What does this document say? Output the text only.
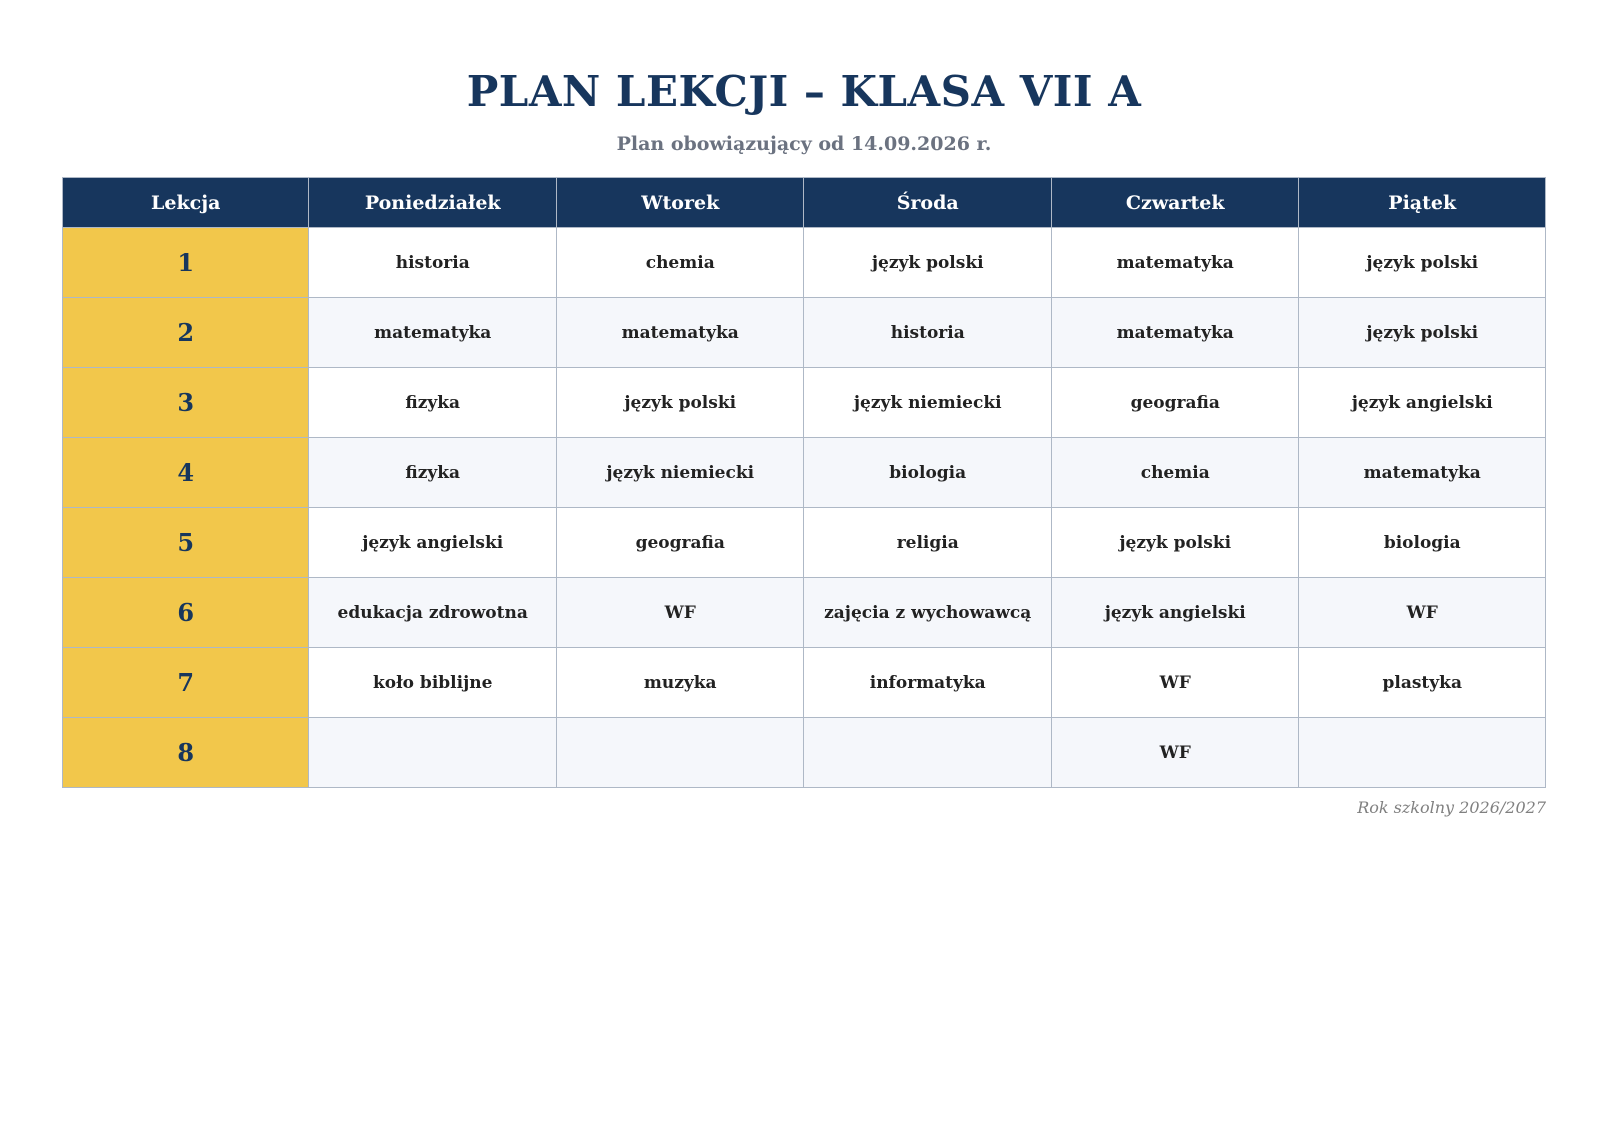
PLAN LEKCJI – KLASA VII A
Plan obowiązujący od 14.09.2026 r.
Lekcja	Poniedziałek	Wtorek	Środa	Czwartek	Piątek
1	historia	chemia	język polski	matematyka	język polski
2	matematyka	matematyka	historia	matematyka	język polski
3	fizyka	język polski	język niemiecki	geografia	język angielski
4	fizyka	język niemiecki	biologia	chemia	matematyka
5	język angielski	geografia	religia	język polski	biologia
6	edukacja zdrowotna	WF	zajęcia z wychowawcą	język angielski	WF
7	koło biblijne	muzyka	informatyka	WF	plastyka
8				WF	
Rok szkolny 2026/2027
